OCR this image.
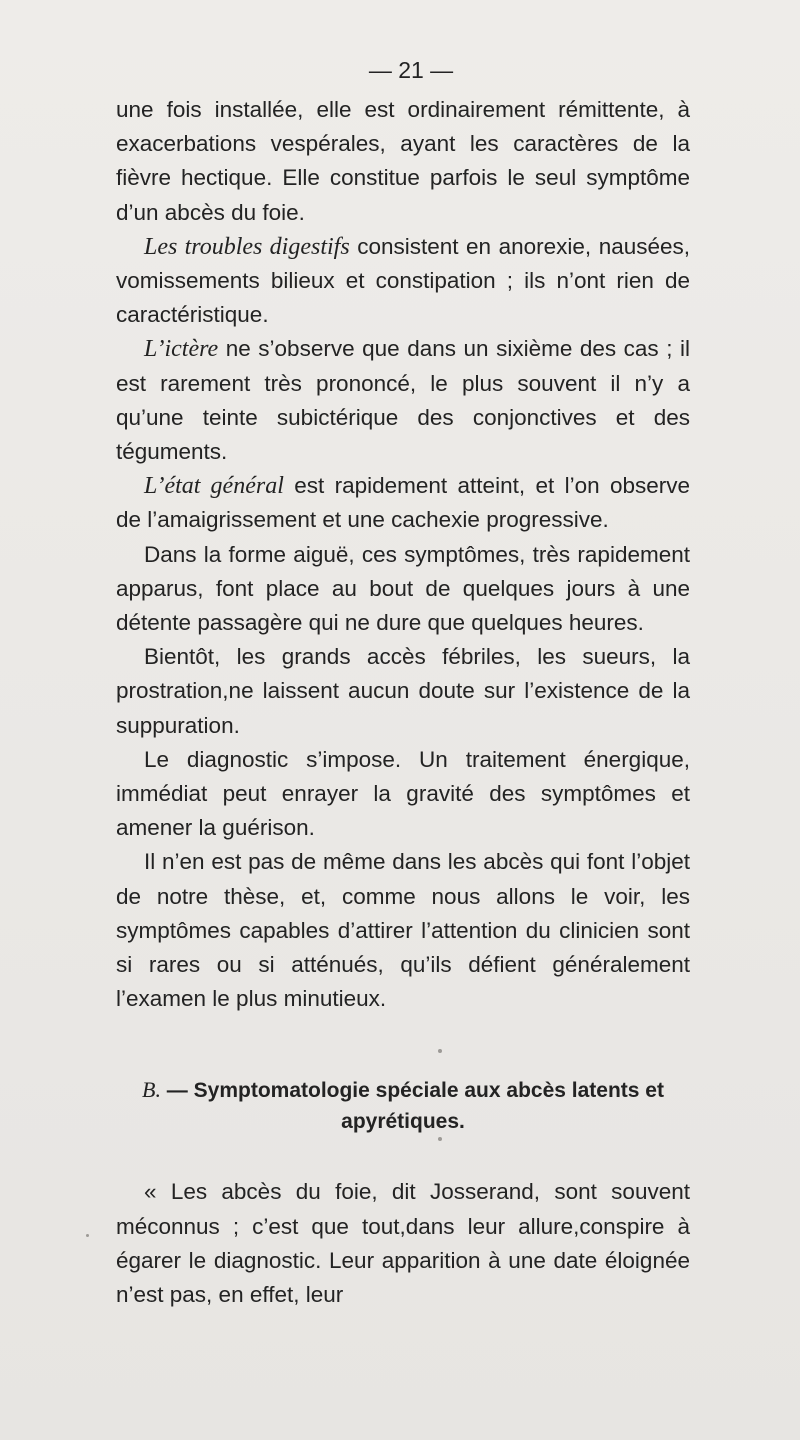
— 21 —

une fois installée, elle est ordinairement rémittente, à exacerbations vespérales, ayant les caractères de la fièvre hectique. Elle constitue parfois le seul symptôme d’un abcès du foie.

Les troubles digestifs consistent en anorexie, nausées, vomissements bilieux et constipation ; ils n’ont rien de caractéristique.

L’ictère ne s’observe que dans un sixième des cas ; il est rarement très prononcé, le plus souvent il n’y a qu’une teinte subictérique des conjonctives et des téguments.

L’état général est rapidement atteint, et l’on observe de l’amaigrissement et une cachexie progressive.

Dans la forme aiguë, ces symptômes, très rapidement apparus, font place au bout de quelques jours à une détente passagère qui ne dure que quelques heures.

Bientôt, les grands accès fébriles, les sueurs, la prostration,ne laissent aucun doute sur l’existence de la suppuration.

Le diagnostic s’impose. Un traitement énergique, immédiat peut enrayer la gravité des symptômes et amener la guérison.

Il n’en est pas de même dans les abcès qui font l’objet de notre thèse, et, comme nous allons le voir, les symptômes capables d’attirer l’attention du clinicien sont si rares ou si atténués, qu’ils défient généralement l’examen le plus minutieux.

B. — Symptomatologie spéciale aux abcès latents et apyrétiques.

« Les abcès du foie, dit Josserand, sont souvent méconnus ; c’est que tout,dans leur allure,conspire à égarer le diagnostic. Leur apparition à une date éloignée n’est pas, en effet, leur
